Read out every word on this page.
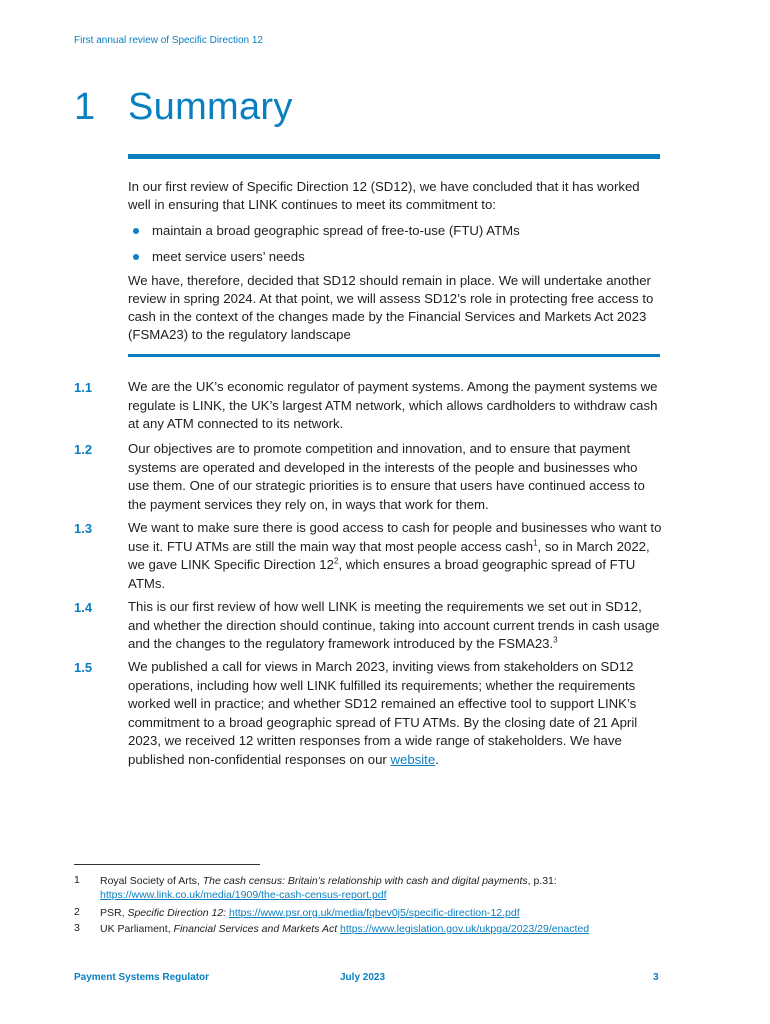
First annual review of Specific Direction 12
1 Summary

In our first review of Specific Direction 12 (SD12), we have concluded that it has worked well in ensuring that LINK continues to meet its commitment to:

maintain a broad geographic spread of free-to-use (FTU) ATMs
meet service users’ needs

We have, therefore, decided that SD12 should remain in place. We will undertake another review in spring 2024. At that point, we will assess SD12’s role in protecting free access to cash in the context of the changes made by the Financial Services and Markets Act 2023 (FSMA23) to the regulatory landscape

1.1	We are the UK’s economic regulator of payment systems. Among the payment systems we regulate is LINK, the UK’s largest ATM network, which allows cardholders to withdraw cash at any ATM connected to its network.
1.2	Our objectives are to promote competition and innovation, and to ensure that payment systems are operated and developed in the interests of the people and businesses who use them. One of our strategic priorities is to ensure that users have continued access to the payment services they rely on, in ways that work for them.
1.3	We want to make sure there is good access to cash for people and businesses who want to use it. FTU ATMs are still the main way that most people access cash$^1$, so in March 2022, we gave LINK Specific Direction $12^2$, which ensures a broad geographic spread of FTU ATMs.
1.4	This is our first review of how well LINK is meeting the requirements we set out in SD12, and whether the direction should continue, taking into account current trends in cash usage and the changes to the regulatory framework introduced by the FSMA23.$^3$
1.5	We published a call for views in March 2023, inviting views from stakeholders on SD12 operations, including how well LINK fulfilled its requirements; whether the requirements worked well in practice; and whether SD12 remained an effective tool to support LINK’s commitment to a broad geographic spread of FTU ATMs. By the closing date of 21 April 2023, we received 12 written responses from a wide range of stakeholders. We have published non-confidential responses on our website.
1 Royal Society of Arts, The cash census: Britain’s relationship with cash and digital payments, p.31:
https://www.link.co.uk/media/1909/the-cash-census-report.pdf
2 PSR, Specific Direction 12: https://www.psr.org.uk/media/fqbev0j5/specific-direction-12.pdf
3 UK Parliament, Financial Services and Markets Act https://www.legislation.gov.uk/ukpga/2023/29/enacted
Payment Systems Regulator	July 2023	3
